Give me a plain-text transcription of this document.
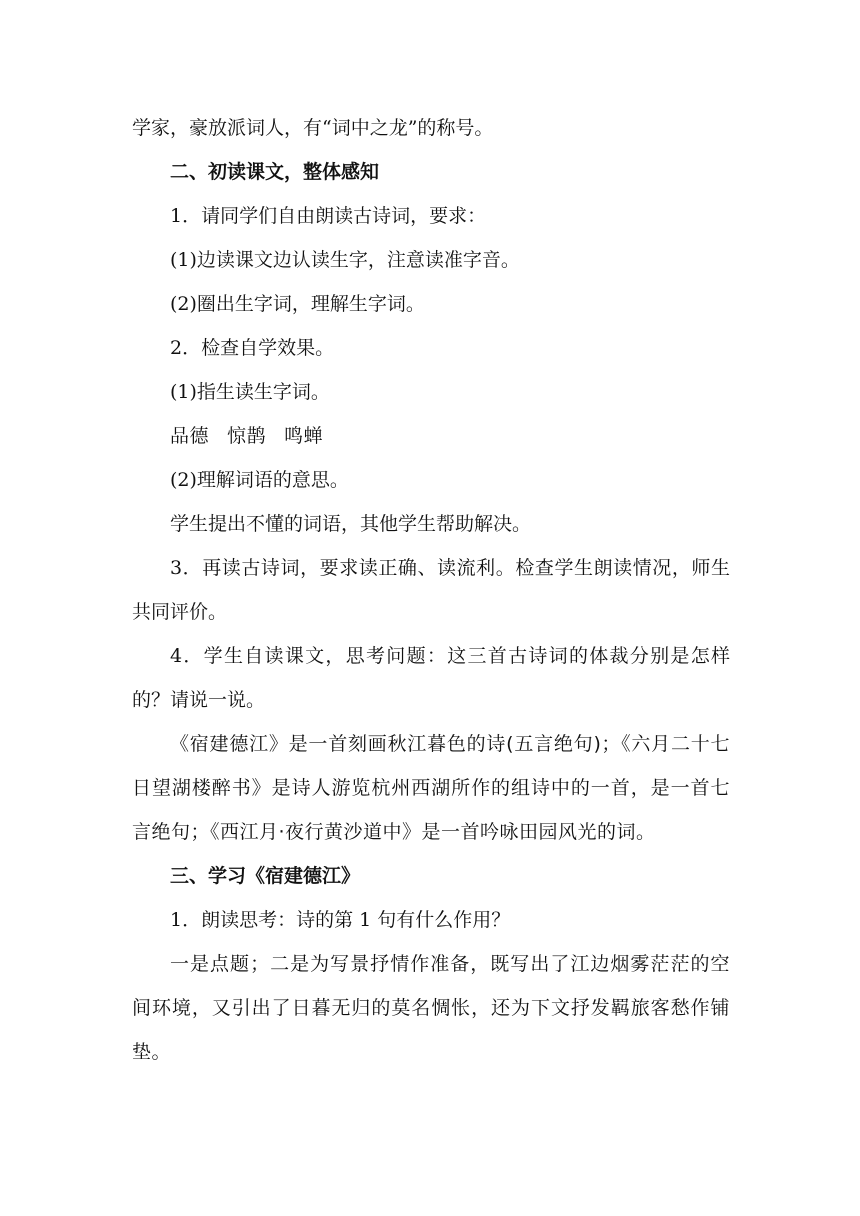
学家，豪放派词人，有“词中之龙”的称号。

二、初读课文，整体感知

1．请同学们自由朗读古诗词，要求：

(1)边读课文边认读生字，注意读准字音。

(2)圈出生字词，理解生字词。

2．检查自学效果。

(1)指生读生字词。

品德 惊鹊 鸣蝉

(2)理解词语的意思。

学生提出不懂的词语，其他学生帮助解决。

3．再读古诗词，要求读正确、读流利。检查学生朗读情况，师生共同评价。

4．学生自读课文，思考问题：这三首古诗词的体裁分别是怎样的？请说一说。

《宿建德江》是一首刻画秋江暮色的诗(五言绝句)；《六月二十七日望湖楼醉书》是诗人游览杭州西湖所作的组诗中的一首，是一首七言绝句；《西江月·夜行黄沙道中》是一首吟咏田园风光的词。

三、学习《宿建德江》

1．朗读思考：诗的第 1 句有什么作用？

一是点题；二是为写景抒情作准备，既写出了江边烟雾茫茫的空间环境，又引出了日暮无归的莫名惆怅，还为下文抒发羁旅客愁作铺垫。
